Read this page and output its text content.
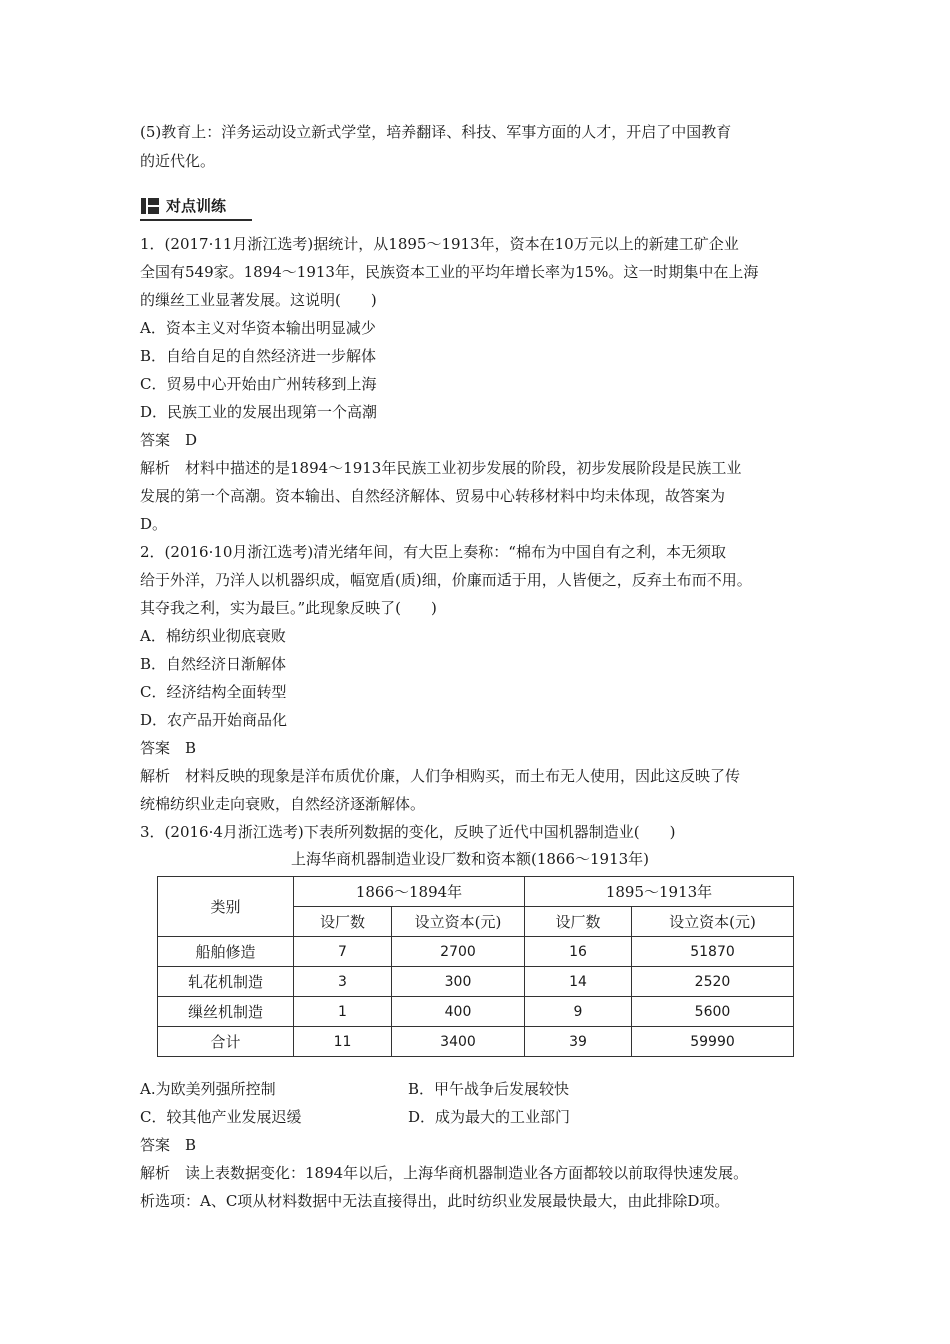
(5)教育上：洋务运动设立新式学堂，培养翻译、科技、军事方面的人才，开启了中国教育

的近代化。

对点训练

1．(2017·11月浙江选考)据统计，从1895～1913年，资本在10万元以上的新建工矿企业

全国有549家。1894～1913年，民族资本工业的平均年增长率为15%。这一时期集中在上海

的缫丝工业显著发展。这说明(　　)

A．资本主义对华资本输出明显减少

B．自给自足的自然经济进一步解体

C．贸易中心开始由广州转移到上海

D．民族工业的发展出现第一个高潮

答案　D

解析　材料中描述的是1894～1913年民族工业初步发展的阶段，初步发展阶段是民族工业

发展的第一个高潮。资本输出、自然经济解体、贸易中心转移材料中均未体现，故答案为

D。

2．(2016·10月浙江选考)清光绪年间，有大臣上奏称：“棉布为中国自有之利，本无须取

给于外洋，乃洋人以机器织成，幅宽盾(质)细，价廉而适于用，人皆便之，反弃土布而不用。

其夺我之利，实为最巨。”此现象反映了(　　)

A．棉纺织业彻底衰败

B．自然经济日渐解体

C．经济结构全面转型

D．农产品开始商品化

答案　B

解析　材料反映的现象是洋布质优价廉，人们争相购买，而土布无人使用，因此这反映了传

统棉纺织业走向衰败，自然经济逐渐解体。

3．(2016·4月浙江选考)下表所列数据的变化，反映了近代中国机器制造业(　　)

上海华商机器制造业设厂数和资本额(1866～1913年)

类别	1866～1894年		1895～1913年	
	设厂数	设立资本(元)	设厂数	设立资本(元)
船舶修造	7	2700	16	51870
轧花机制造	3	300	14	2520
缫丝机制造	1	400	9	5600
合计	11	3400	39	59990

A.为欧美列强所控制	B．甲午战争后发展较快

C．较其他产业发展迟缓	D．成为最大的工业部门

答案　B

解析　读上表数据变化：1894年以后，上海华商机器制造业各方面都较以前取得快速发展。

析选项：A、C项从材料数据中无法直接得出，此时纺织业发展最快最大，由此排除D项。
